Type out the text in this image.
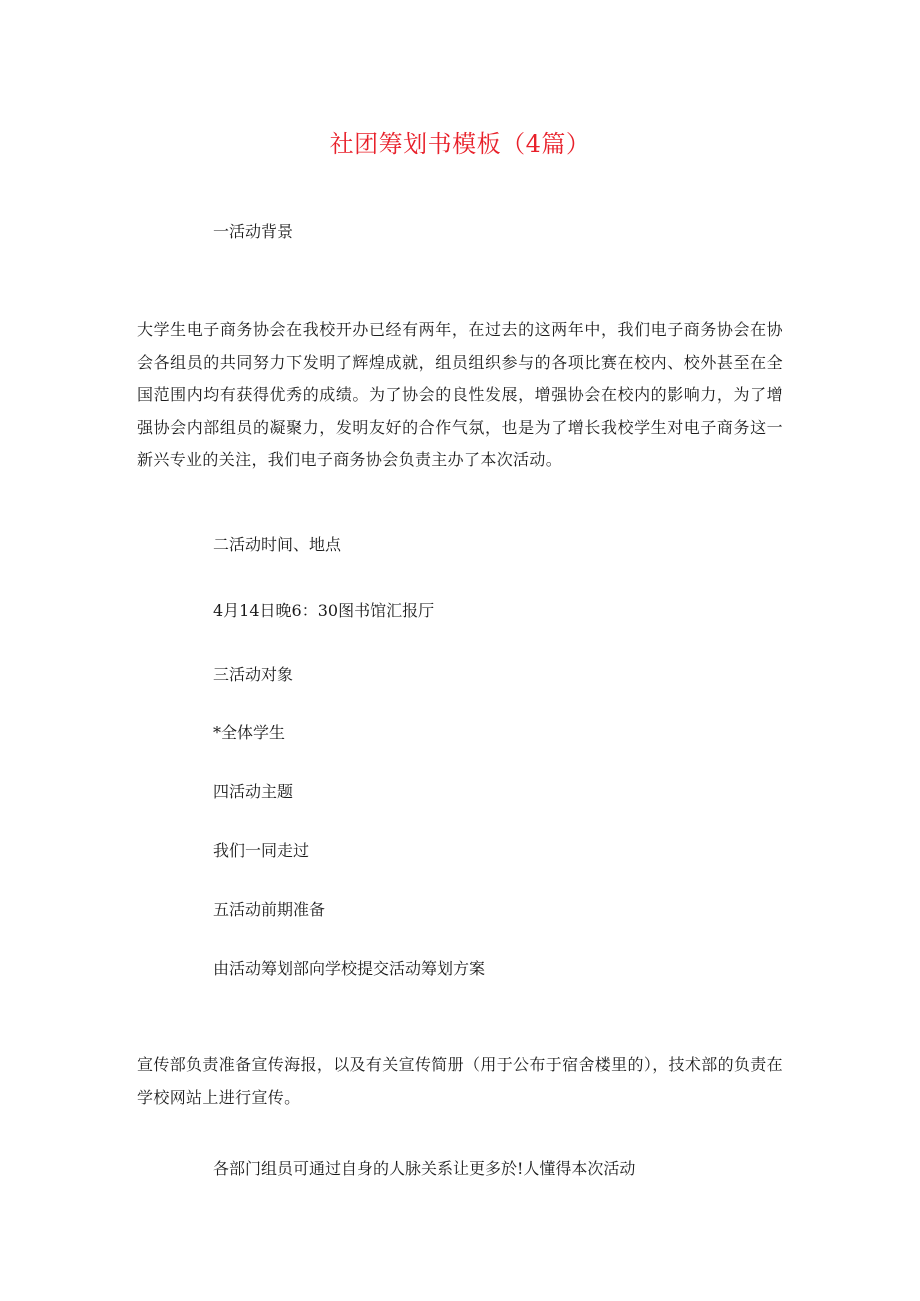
社团筹划书模板（4篇）
一活动背景
大学生电子商务协会在我校开办已经有两年，在过去的这两年中，我们电子商务协会在协会各组员的共同努力下发明了辉煌成就，组员组织参与的各项比赛在校内、校外甚至在全国范围内均有获得优秀的成绩。为了协会的良性发展，增强协会在校内的影响力，为了增强协会内部组员的凝聚力，发明友好的合作气氛，也是为了增长我校学生对电子商务这一新兴专业的关注，我们电子商务协会负责主办了本次活动。
二活动时间、地点
4月14日晚6：30图书馆汇报厅
三活动对象
*全体学生
四活动主题
我们一同走过
五活动前期准备
由活动筹划部向学校提交活动筹划方案
宣传部负责准备宣传海报，以及有关宣传简册（用于公布于宿舍楼里的），技术部的负责在学校网站上进行宣传。
各部门组员可通过自身的人脉关系让更多於!人懂得本次活动
